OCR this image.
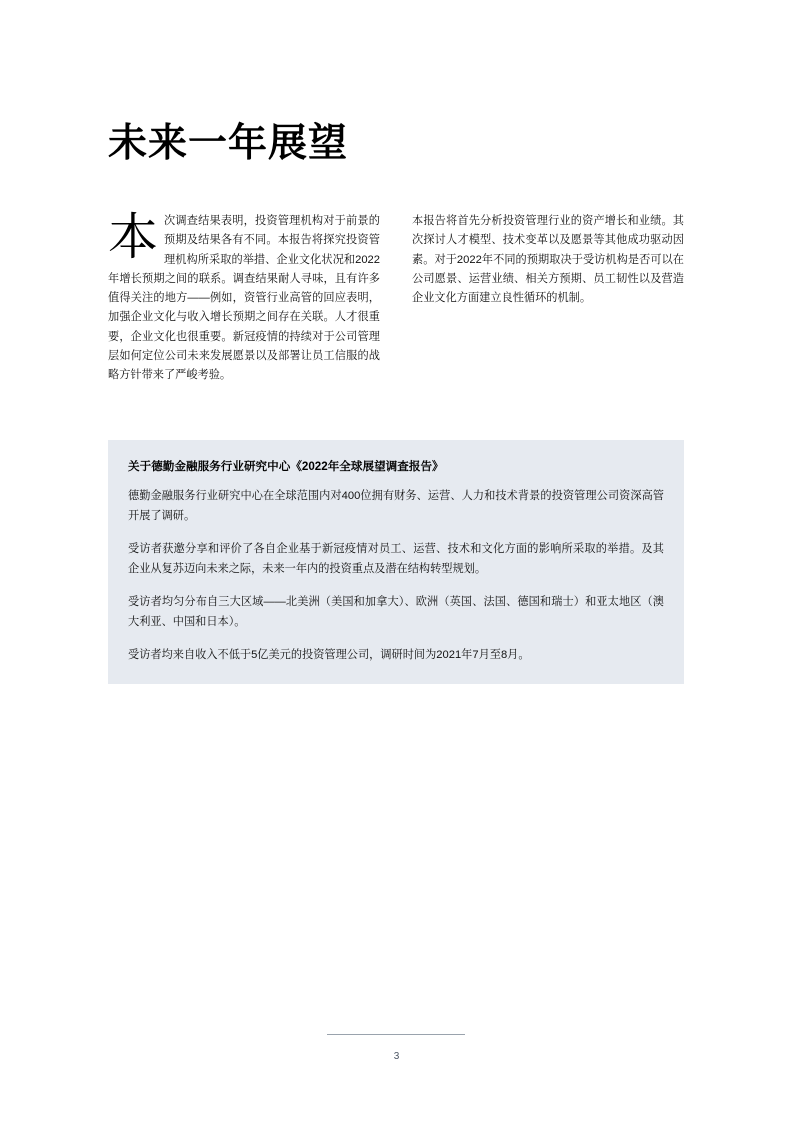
未来一年展望
本次调查结果表明，投资管理机构对于前景的预期及结果各有不同。本报告将探究投资管理机构所采取的举措、企业文化状况和2022年增长预期之间的联系。调查结果耐人寻味，且有许多值得关注的地方——例如，资管行业高管的回应表明，加强企业文化与收入增长预期之间存在关联。人才很重要，企业文化也很重要。新冠疫情的持续对于公司管理层如何定位公司未来发展愿景以及部署让员工信服的战略方针带来了严峻考验。
本报告将首先分析投资管理行业的资产增长和业绩。其次探讨人才模型、技术变革以及愿景等其他成功驱动因素。对于2022年不同的预期取决于受访机构是否可以在公司愿景、运营业绩、相关方预期、员工韧性以及营造企业文化方面建立良性循环的机制。
关于德勤金融服务行业研究中心《2022年全球展望调查报告》

德勤金融服务行业研究中心在全球范围内对400位拥有财务、运营、人力和技术背景的投资管理公司资深高管开展了调研。

受访者获邀分享和评价了各自企业基于新冠疫情对员工、运营、技术和文化方面的影响所采取的举措。及其企业从复苏迈向未来之际，未来一年内的投资重点及潜在结构转型规划。

受访者均匀分布自三大区域——北美洲（美国和加拿大）、欧洲（英国、法国、德国和瑞士）和亚太地区（澳大利亚、中国和日本）。

受访者均来自收入不低于5亿美元的投资管理公司，调研时间为2021年7月至8月。

3
